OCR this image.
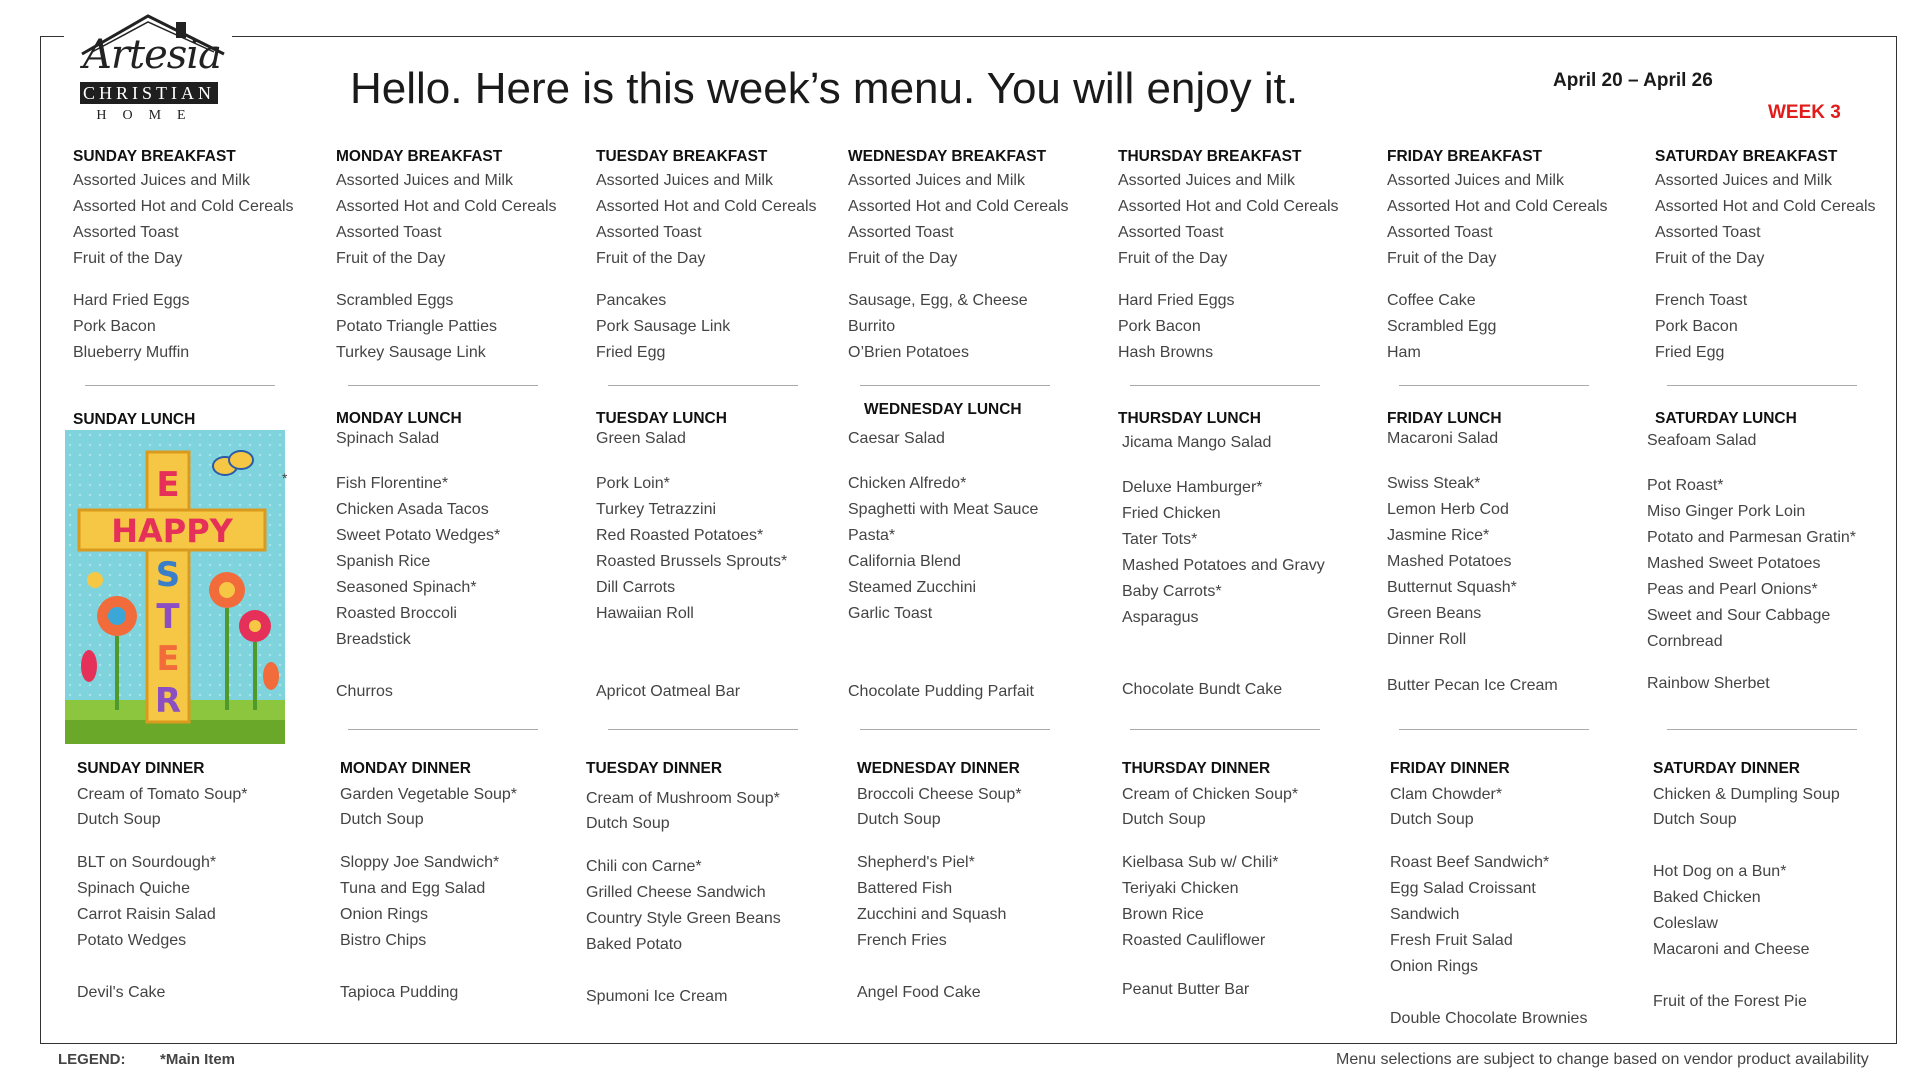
Artesia
CHRISTIAN
HOME
Hello. Here is this week’s menu. You will enjoy it.	April 20 – April 26
WEEK 3
E
HAPPY
S
T
E
R
*
SUNDAY BREAKFAST
Assorted Juices and Milk
Assorted Hot and Cold Cereals
Assorted Toast
Fruit of the Day
Hard Fried Eggs
Pork Bacon
Blueberry Muffin
SUNDAY LUNCH
SUNDAY DINNER
Cream of Tomato Soup*
Dutch Soup
BLT on Sourdough*
Spinach Quiche
Carrot Raisin Salad
Potato Wedges
Devil's Cake
MONDAY BREAKFAST
Assorted Juices and Milk
Assorted Hot and Cold Cereals
Assorted Toast
Fruit of the Day
Scrambled Eggs
Potato Triangle Patties
Turkey Sausage Link
MONDAY LUNCH
Spinach Salad
Fish Florentine*
Chicken Asada Tacos
Sweet Potato Wedges*
Spanish Rice
Seasoned Spinach*
Roasted Broccoli
Breadstick
Churros
MONDAY DINNER
Garden Vegetable Soup*
Dutch Soup
Sloppy Joe Sandwich*
Tuna and Egg Salad
Onion Rings
Bistro Chips
Tapioca Pudding
TUESDAY BREAKFAST
Assorted Juices and Milk
Assorted Hot and Cold Cereals
Assorted Toast
Fruit of the Day
Pancakes
Pork Sausage Link
Fried Egg
TUESDAY LUNCH
Green Salad
Pork Loin*
Turkey Tetrazzini
Red Roasted Potatoes*
Roasted Brussels Sprouts*
Dill Carrots
Hawaiian Roll
Apricot Oatmeal Bar
TUESDAY DINNER
Cream of Mushroom Soup*
Dutch Soup
Chili con Carne*
Grilled Cheese Sandwich
Country Style Green Beans
Baked Potato
Spumoni Ice Cream
WEDNESDAY BREAKFAST
Assorted Juices and Milk
Assorted Hot and Cold Cereals
Assorted Toast
Fruit of the Day
Sausage, Egg, & Cheese
Burrito
O’Brien Potatoes
WEDNESDAY LUNCH
Caesar Salad
Chicken Alfredo*
Spaghetti with Meat Sauce
Pasta*
California Blend
Steamed Zucchini
Garlic Toast
Chocolate Pudding Parfait
WEDNESDAY DINNER
Broccoli Cheese Soup*
Dutch Soup
Shepherd's Piel*
Battered Fish
Zucchini and Squash
French Fries
Angel Food Cake
THURSDAY BREAKFAST
Assorted Juices and Milk
Assorted Hot and Cold Cereals
Assorted Toast
Fruit of the Day
Hard Fried Eggs
Pork Bacon
Hash Browns
THURSDAY LUNCH
Jicama Mango Salad
Deluxe Hamburger*
Fried Chicken
Tater Tots*
Mashed Potatoes and Gravy
Baby Carrots*
Asparagus
Chocolate Bundt Cake
THURSDAY DINNER
Cream of Chicken Soup*
Dutch Soup
Kielbasa Sub w/ Chili*
Teriyaki Chicken
Brown Rice
Roasted Cauliflower
Peanut Butter Bar
FRIDAY BREAKFAST
Assorted Juices and Milk
Assorted Hot and Cold Cereals
Assorted Toast
Fruit of the Day
Coffee Cake
Scrambled Egg
Ham
FRIDAY LUNCH
Macaroni Salad
Swiss Steak*
Lemon Herb Cod
Jasmine Rice*
Mashed Potatoes
Butternut Squash*
Green Beans
Dinner Roll
Butter Pecan Ice Cream
FRIDAY DINNER
Clam Chowder*
Dutch Soup
Roast Beef Sandwich*
Egg Salad Croissant
Sandwich
Fresh Fruit Salad
Onion Rings
Double Chocolate Brownies
SATURDAY BREAKFAST
Assorted Juices and Milk
Assorted Hot and Cold Cereals
Assorted Toast
Fruit of the Day
French Toast
Pork Bacon
Fried Egg
SATURDAY LUNCH
Seafoam Salad
Pot Roast*
Miso Ginger Pork Loin
Potato and Parmesan Gratin*
Mashed Sweet Potatoes
Peas and Pearl Onions*
Sweet and Sour Cabbage
Cornbread
Rainbow Sherbet
SATURDAY DINNER
Chicken & Dumpling Soup
Dutch Soup
Hot Dog on a Bun*
Baked Chicken
Coleslaw
Macaroni and Cheese
Fruit of the Forest Pie
LEGEND: *Main Item	Menu selections are subject to change based on vendor product availability
